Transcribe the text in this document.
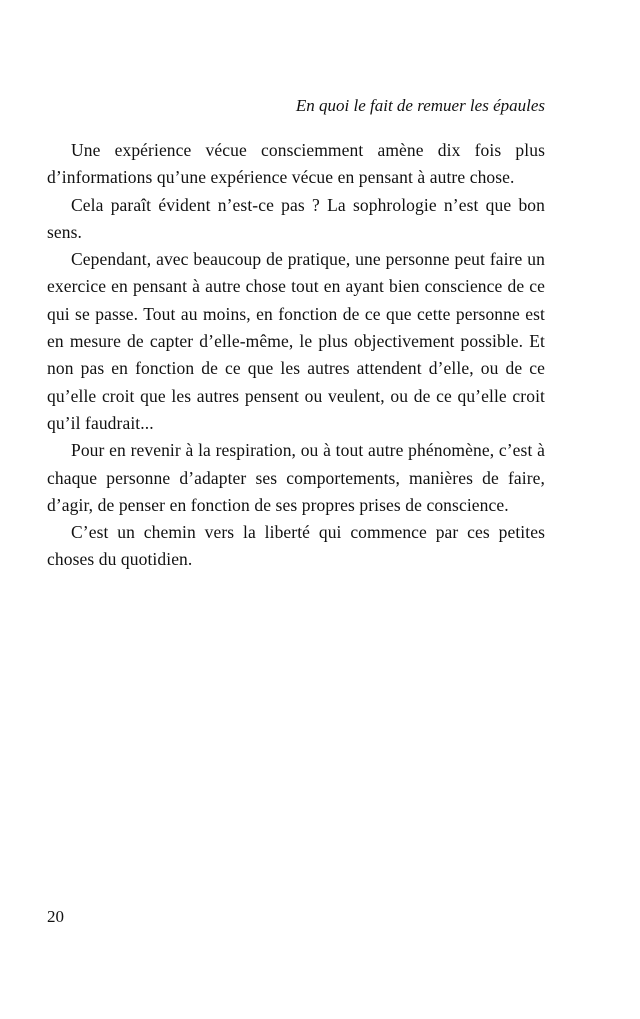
En quoi le fait de remuer les épaules

Une expérience vécue consciemment amène dix fois plus d’informations qu’une expérience vécue en pensant à autre chose.

Cela paraît évident n’est-ce pas ? La sophrologie n’est que bon sens.

Cependant, avec beaucoup de pratique, une personne peut faire un exercice en pensant à autre chose tout en ayant bien conscience de ce qui se passe. Tout au moins, en fonction de ce que cette personne est en mesure de capter d’elle-même, le plus objectivement possible. Et non pas en fonction de ce que les autres attendent d’elle, ou de ce qu’elle croit que les autres pensent ou veulent, ou de ce qu’elle croit qu’il faudrait...

Pour en revenir à la respiration, ou à tout autre phénomène, c’est à chaque personne d’adapter ses comportements, manières de faire, d’agir, de penser en fonction de ses propres prises de conscience.

C’est un chemin vers la liberté qui commence par ces petites choses du quotidien.

20
